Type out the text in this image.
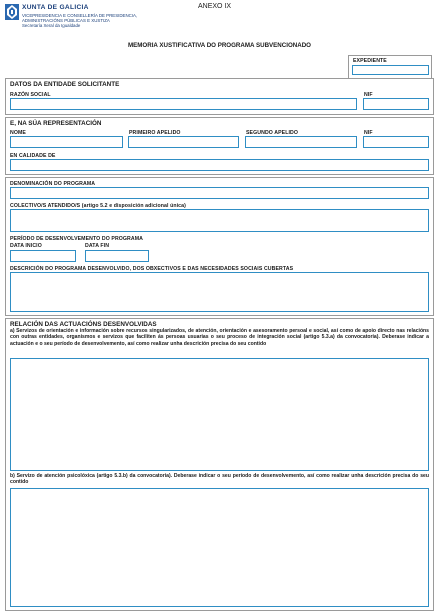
XUNTA DE GALICIA
VICEPRESIDENCIA E CONSELLERÍA DE PRESIDENCIA,
ADMINISTRACIÓNS PÚBLICAS E XUSTIZA
Secretaría Xeral da Igualdade
ANEXO IX
MEMORIA XUSTIFICATIVA DO PROGRAMA SUBVENCIONADO
EXPEDIENTE
DATOS DA ENTIDADE SOLICITANTE
RAZÓN SOCIAL	NIF
E, NA SÚA REPRESENTACIÓN
NOME	PRIMEIRO APELIDO	SEGUNDO APELIDO	NIF
EN CALIDADE DE
DENOMINACIÓN DO PROGRAMA
COLECTIVO/S ATENDIDO/S (artigo 5.2 e disposición adicional única)
PERÍODO DE DESENVOLVEMENTO DO PROGRAMA
DATA INICIO	DATA FIN
DESCRICIÓN DO PROGRAMA DESENVOLVIDO, DOS OBXECTIVOS E DAS NECESIDADES SOCIAIS CUBERTAS
RELACIÓN DAS ACTUACIÓNS DESENVOLVIDAS
a) Servizos de orientación e información sobre recursos singularizados, de atención, orientación e asesoramento persoal e social, así como de apoio directo nas relacións con outras entidades, organismos e servizos que faciliten ás persoas usuarias o seu proceso de integración social (artigo 5.3.a) da convocatoria). Deberase indicar a actuación e o seu período de desenvolvemento, así como realizar unha descrición precisa do seu contido
b) Servizo de atención psicolóxica (artigo 5.3.b) da convocatoria). Deberase indicar o seu período de desenvolvemento, así como realizar unha descrición precisa do seu contido
